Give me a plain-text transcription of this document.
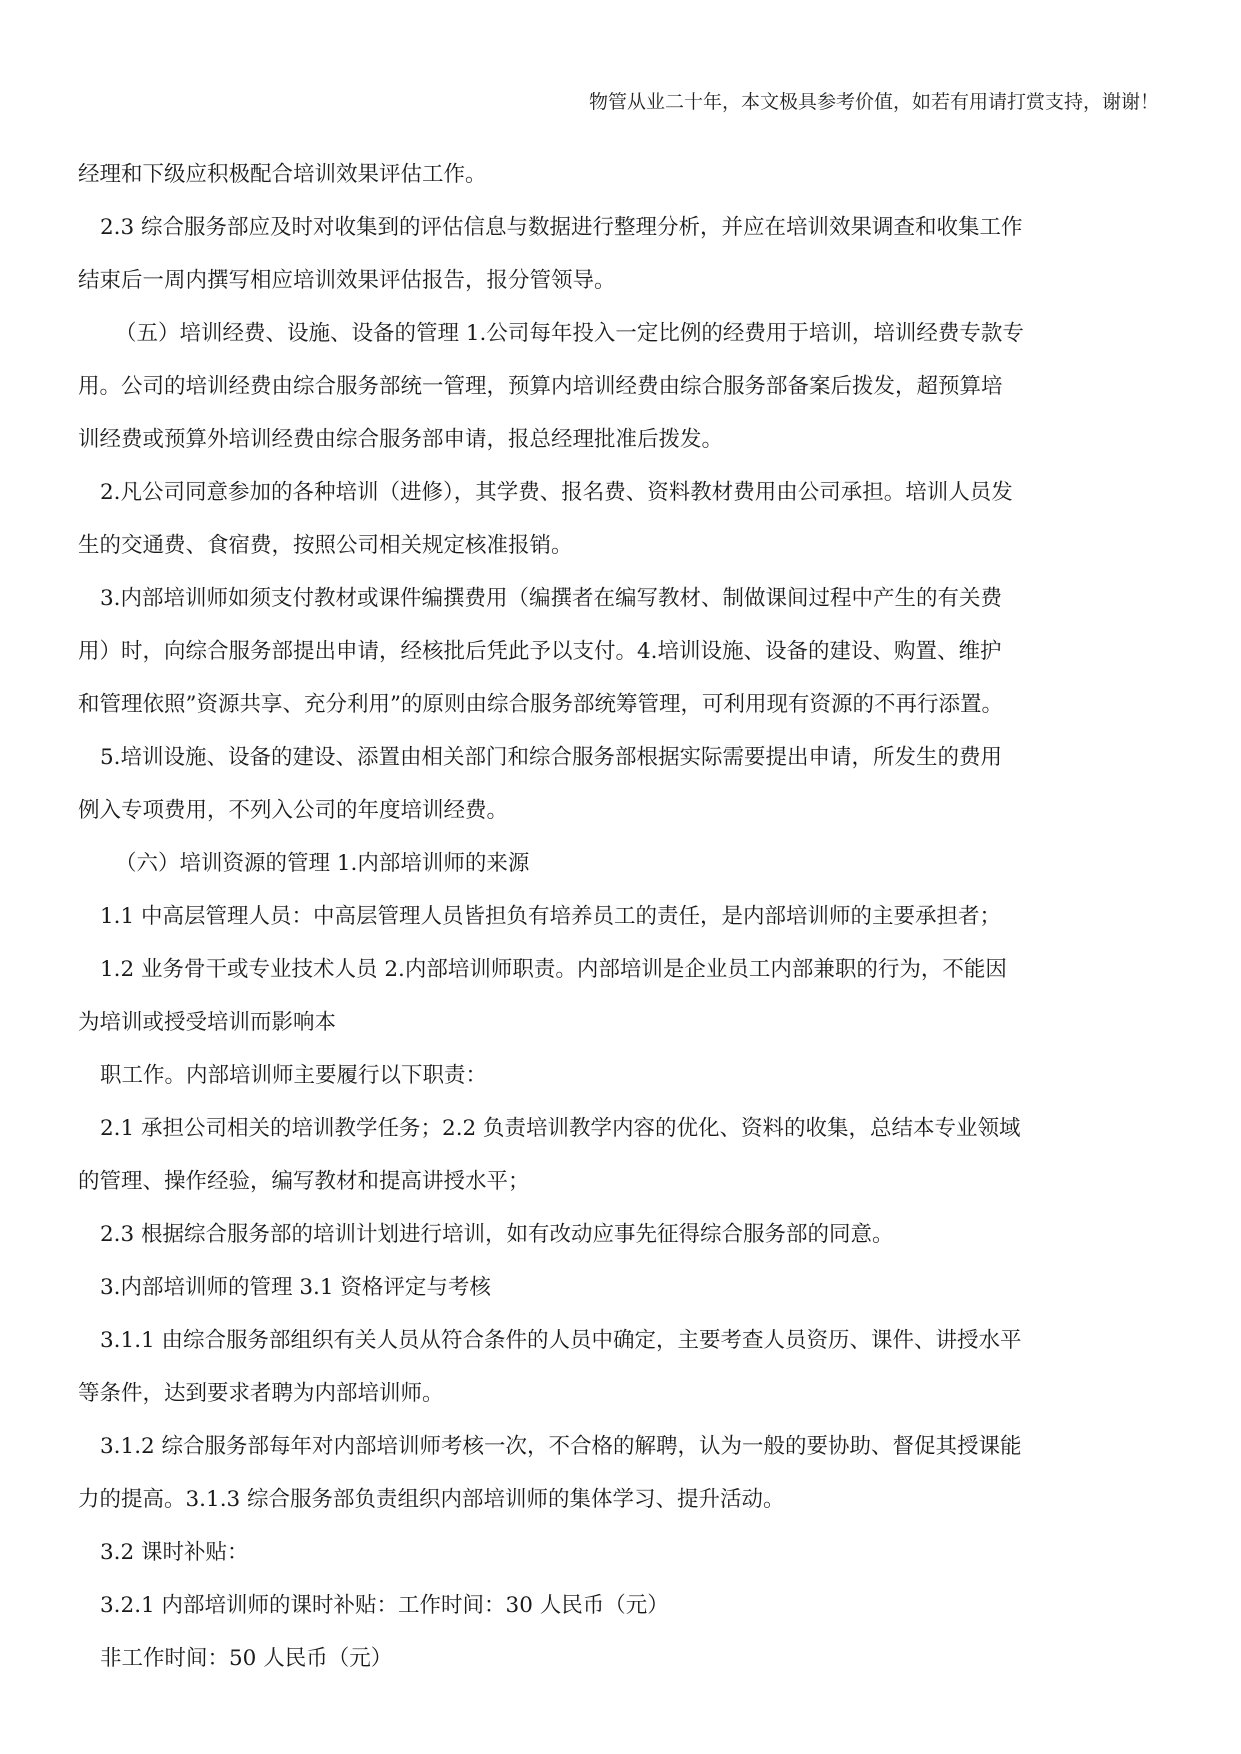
物管从业二十年，本文极具参考价值，如若有用请打赏支持，谢谢！
经理和下级应积极配合培训效果评估工作。
2.3 综合服务部应及时对收集到的评估信息与数据进行整理分析，并应在培训效果调查和收集工作
结束后一周内撰写相应培训效果评估报告，报分管领导。
（五）培训经费、设施、设备的管理 1.公司每年投入一定比例的经费用于培训，培训经费专款专
用。公司的培训经费由综合服务部统一管理，预算内培训经费由综合服务部备案后拨发，超预算培
训经费或预算外培训经费由综合服务部申请，报总经理批准后拨发。
2.凡公司同意参加的各种培训（进修），其学费、报名费、资料教材费用由公司承担。培训人员发
生的交通费、食宿费，按照公司相关规定核准报销。
3.内部培训师如须支付教材或课件编撰费用（编撰者在编写教材、制做课间过程中产生的有关费
用）时，向综合服务部提出申请，经核批后凭此予以支付。4.培训设施、设备的建设、购置、维护
和管理依照”资源共享、充分利用”的原则由综合服务部统筹管理，可利用现有资源的不再行添置。
5.培训设施、设备的建设、添置由相关部门和综合服务部根据实际需要提出申请，所发生的费用
例入专项费用，不列入公司的年度培训经费。
（六）培训资源的管理 1.内部培训师的来源
1.1 中高层管理人员：中高层管理人员皆担负有培养员工的责任，是内部培训师的主要承担者；
1.2 业务骨干或专业技术人员 2.内部培训师职责。内部培训是企业员工内部兼职的行为，不能因
为培训或授受培训而影响本
职工作。内部培训师主要履行以下职责：
2.1 承担公司相关的培训教学任务；2.2 负责培训教学内容的优化、资料的收集，总结本专业领域
的管理、操作经验，编写教材和提高讲授水平；
2.3 根据综合服务部的培训计划进行培训，如有改动应事先征得综合服务部的同意。
3.内部培训师的管理 3.1 资格评定与考核
3.1.1 由综合服务部组织有关人员从符合条件的人员中确定，主要考查人员资历、课件、讲授水平
等条件，达到要求者聘为内部培训师。
3.1.2 综合服务部每年对内部培训师考核一次，不合格的解聘，认为一般的要协助、督促其授课能
力的提高。3.1.3 综合服务部负责组织内部培训师的集体学习、提升活动。
3.2 课时补贴：
3.2.1 内部培训师的课时补贴：工作时间：30 人民币（元）
非工作时间：50 人民币（元）
